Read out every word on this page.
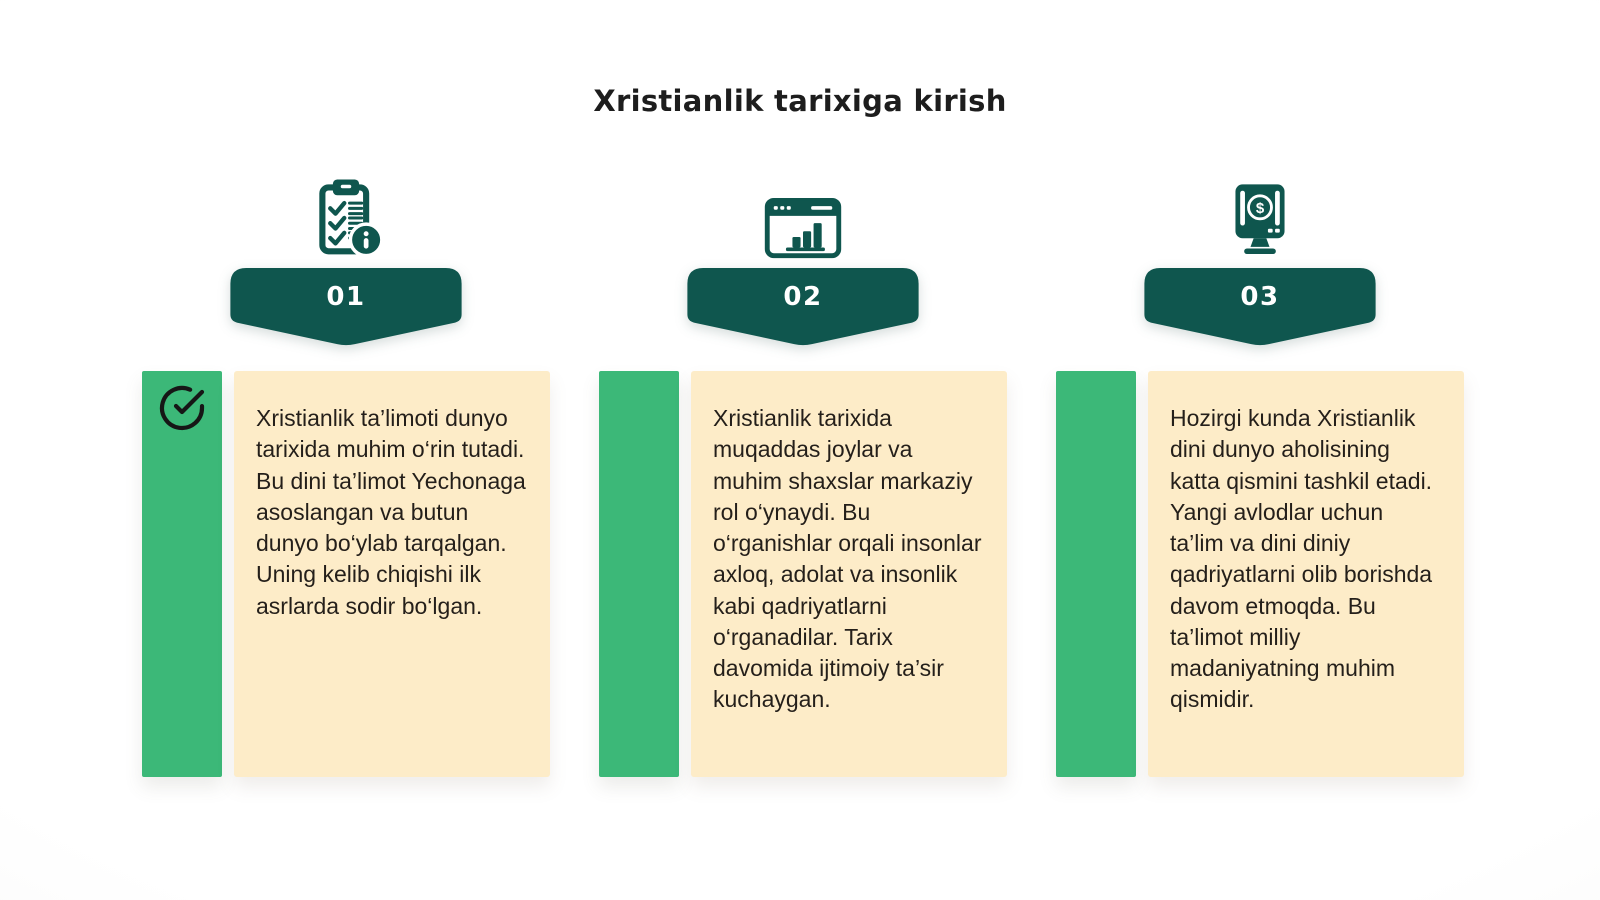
Xristianlik tarixiga kirish
01

Xristianlik ta’limoti dunyo tarixida muhim o‘rin tutadi. Bu dini ta’limot Yechonaga asoslangan va butun dunyo bo‘ylab tarqalgan. Uning kelib chiqishi ilk asrlarda sodir bo‘lgan.

02

Xristianlik tarixida muqaddas joylar va muhim shaxslar markaziy rol o‘ynaydi. Bu o‘rganishlar orqali insonlar axloq, adolat va insonlik kabi qadriyatlarni o‘rganadilar. Tarix davomida ijtimoiy ta’sir kuchaygan.

$
03

Hozirgi kunda Xristianlik dini dunyo aholisining katta qismini tashkil etadi. Yangi avlodlar uchun ta’lim va dini diniy qadriyatlarni olib borishda davom etmoqda. Bu ta’limot milliy madaniyatning muhim qismidir.
